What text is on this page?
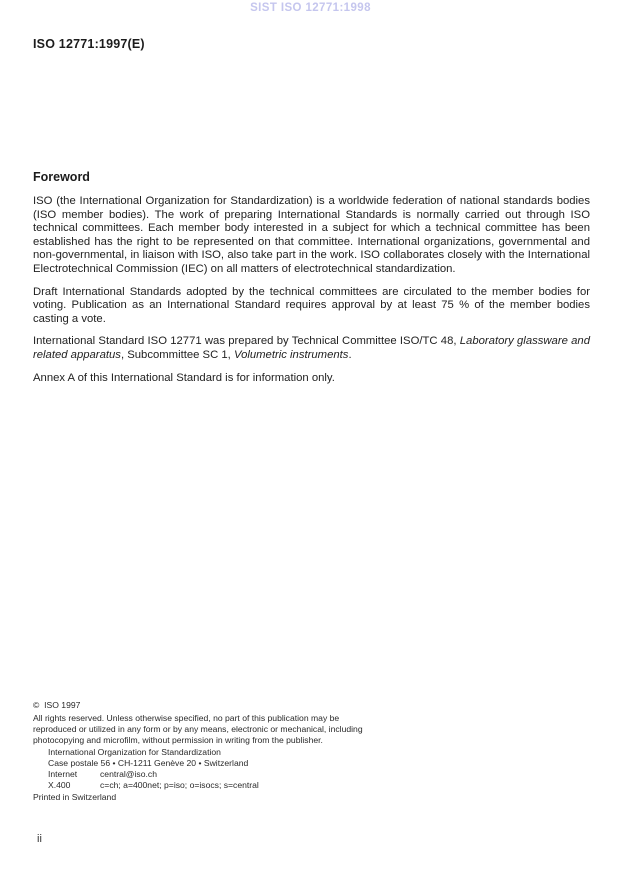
SIST ISO 12771:1998
ISO 12771:1997(E)
Foreword

ISO (the International Organization for Standardization) is a worldwide federation of national standards bodies (ISO member bodies). The work of preparing International Standards is normally carried out through ISO technical committees. Each member body interested in a subject for which a technical committee has been established has the right to be represented on that committee. International organizations, governmental and non-governmental, in liaison with ISO, also take part in the work. ISO collaborates closely with the International Electrotechnical Commission (IEC) on all matters of electrotechnical standardization.

Draft International Standards adopted by the technical committees are circulated to the member bodies for voting. Publication as an International Standard requires approval by at least 75 % of the member bodies casting a vote.

International Standard ISO 12771 was prepared by Technical Committee ISO/TC 48, Laboratory glassware and related apparatus, Subcommittee SC 1, Volumetric instruments.

Annex A of this International Standard is for information only.

©  ISO 1997
All rights reserved. Unless otherwise specified, no part of this publication may be reproduced or utilized in any form or by any means, electronic or mechanical, including photocopying and microfilm, without permission in writing from the publisher.
International Organization for Standardization
Case postale 56 • CH-1211 Genève 20 • Switzerland
Internet	central@iso.ch
X.400	c=ch; a=400net; p=iso; o=isocs; s=central
Printed in Switzerland
ii
